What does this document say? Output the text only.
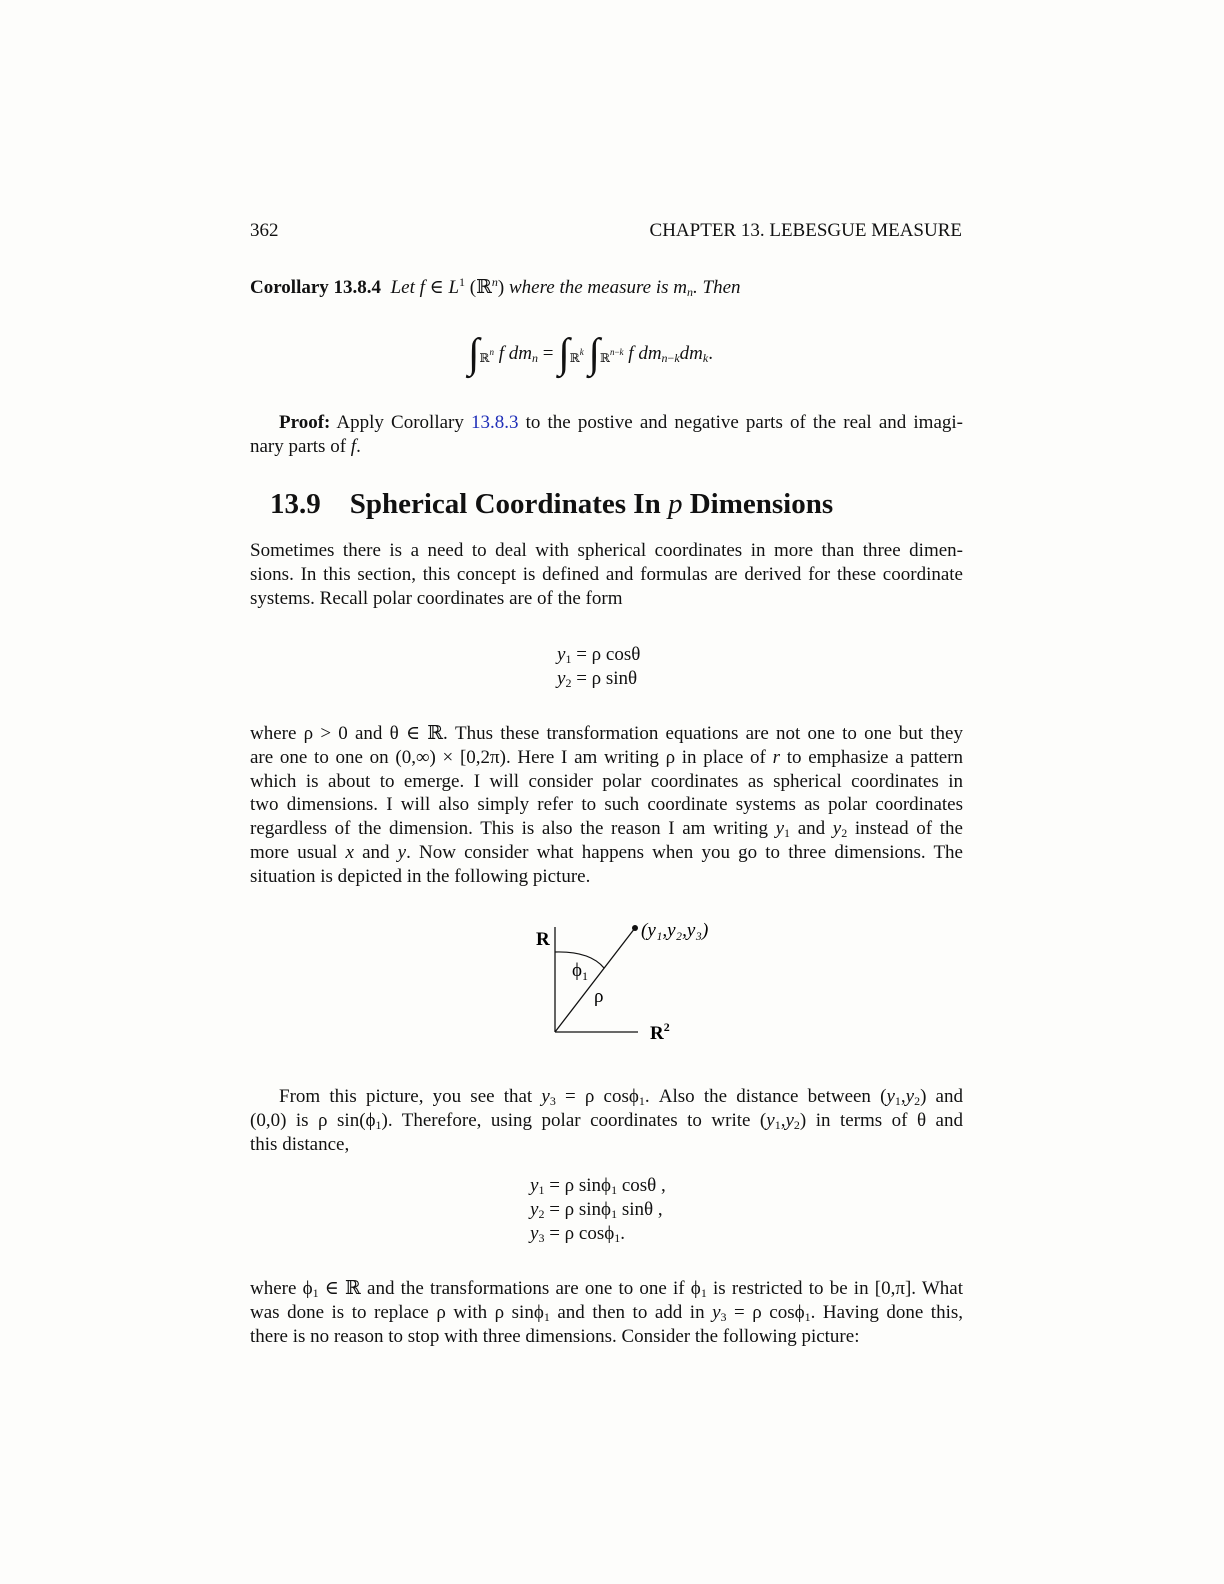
362	CHAPTER 13. LEBESGUE MEASURE
Corollary 13.8.4 Let f ∈ $L^1$ (ℝ$^n$) where the measure is $m_n$. Then
$\int_{ℝ^n}$ f $dm_n = \int_{ℝ^k}$ $\int_{ℝ^{n-k}}$ f $dm_{n-k}dm_k$.
Proof: Apply Corollary 13.8.3 to the postive and negative parts of the real and imagi-
nary parts of f.
13.9 Spherical Coordinates In p Dimensions
Sometimes there is a need to deal with spherical coordinates in more than three dimen-
sions. In this section, this concept is defined and formulas are derived for these coordinate
systems. Recall polar coordinates are of the form
$y_1 = \rho$ cosθ
$y_2 = \rho$ sinθ
where ρ > 0 and θ ∈ ℝ. Thus these transformation equations are not one to one but they
are one to one on (0,∞) × [0,2π). Here I am writing ρ in place of r to emphasize a pattern
which is about to emerge. I will consider polar coordinates as spherical coordinates in
two dimensions. I will also simply refer to such coordinate systems as polar coordinates
regardless of the dimension. This is also the reason I am writing $y_1$ and $y_2$ instead of the
more usual x and y. Now consider what happens when you go to three dimensions. The
situation is depicted in the following picture.
R
$R^2$
(y₁,y₂,y₃)
$\phi_1$
ρ
From this picture, you see that $y_3 = \rho$ cosϕ$_1$. Also the distance between $(y_1,y_2)$ and
(0,0) is ρ $\sin(\phi_1)$. Therefore, using polar coordinates to write $(y_1,y_2)$ in terms of θ and
this distance,
$y_1 = \rho$ sinϕ$_1$ cosθ ,
$y_2 = \rho$ sinϕ$_1$ sinθ ,
$y_3 = \rho$ cosϕ$_1$.
where $\phi_1$ ∈ ℝ and the transformations are one to one if $\phi_1$ is restricted to be in [0,π]. What
was done is to replace ρ with ρ sinϕ$_1$ and then to add in $y_3 = \rho$ cosϕ$_1$. Having done this,
there is no reason to stop with three dimensions. Consider the following picture:
